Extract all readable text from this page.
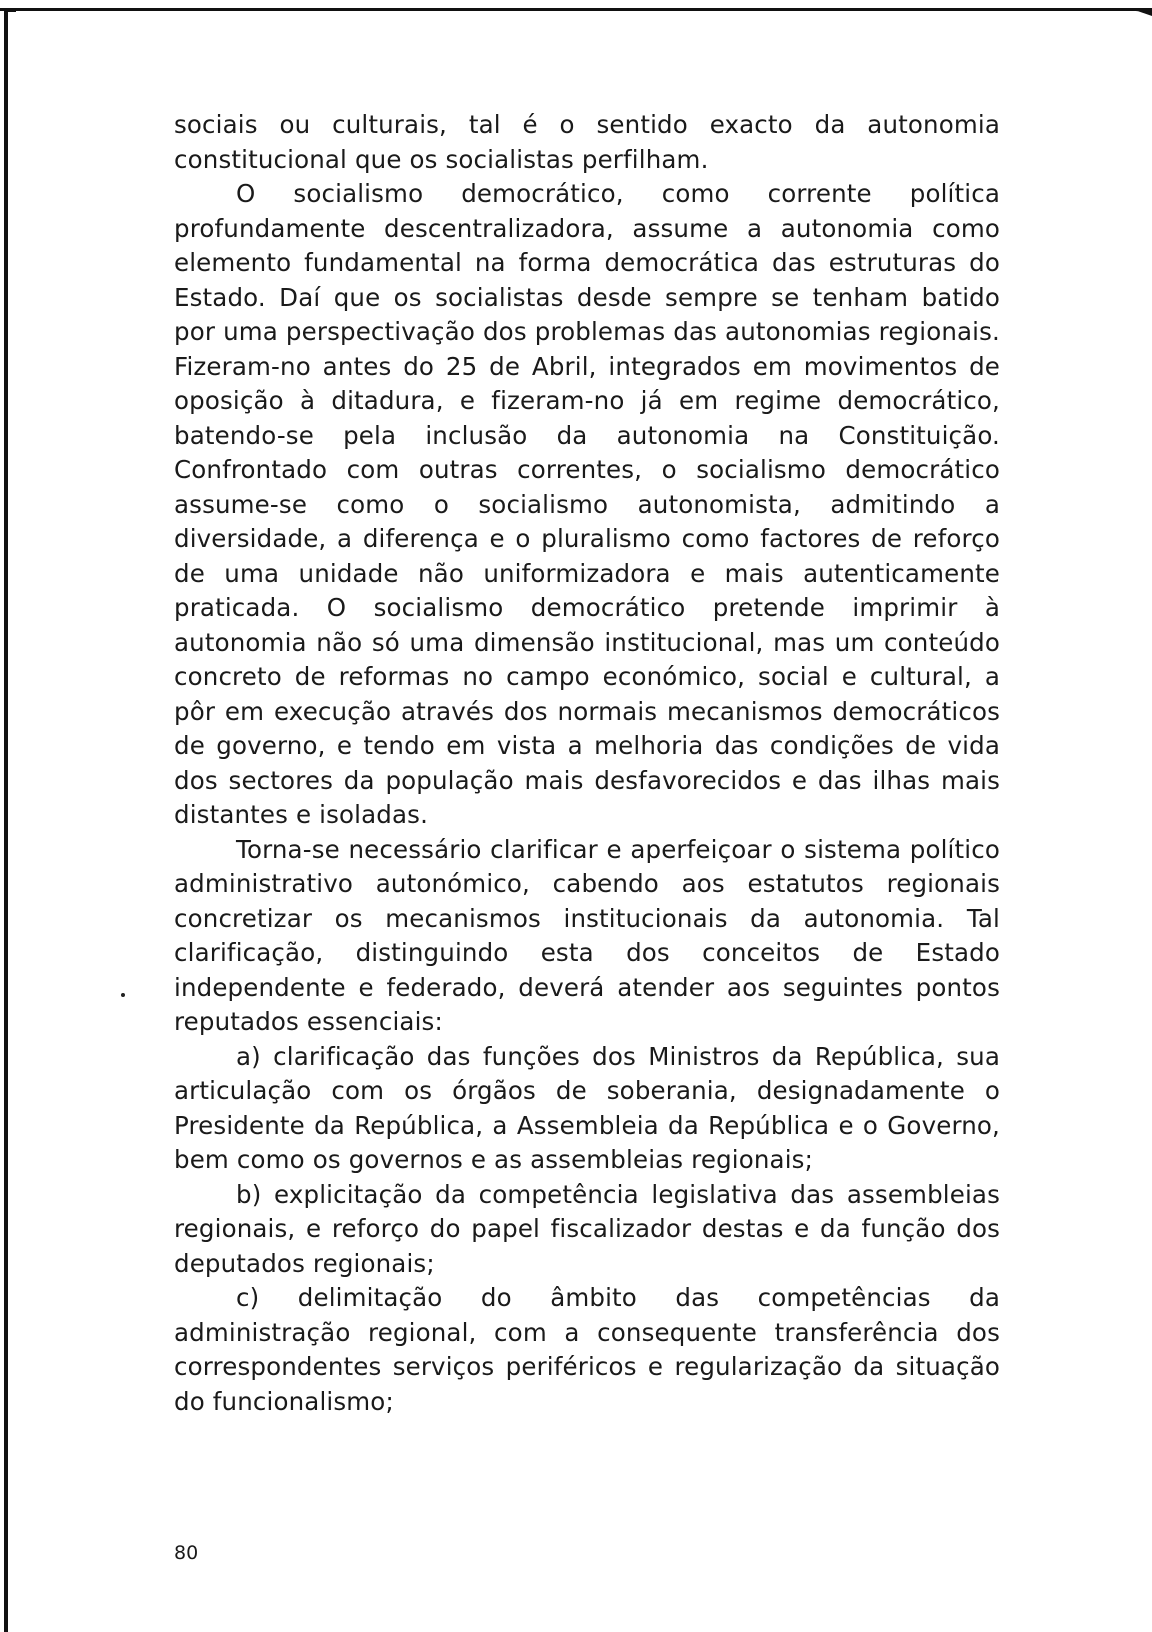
sociais ou culturais, tal é o sentido exacto da autonomia constitucional que os socialistas perfilham.

O socialismo democrático, como corrente política profundamente descentralizadora, assume a autonomia como elemento fundamental na forma democrática das estruturas do Estado. Daí que os socialistas desde sempre se tenham batido por uma perspectivação dos problemas das autonomias regionais. Fizeram-no antes do 25 de Abril, integrados em movimentos de oposição à ditadura, e fizeram-no já em regime democrático, batendo-se pela inclusão da autonomia na Constituição. Confrontado com outras correntes, o socialismo democrático assume-se como o socialismo autonomista, admitindo a diversidade, a diferença e o pluralismo como factores de reforço de uma unidade não uniformizadora e mais autenticamente praticada. O socialismo democrático pretende imprimir à autonomia não só uma dimensão institucional, mas um conteúdo concreto de reformas no campo económico, social e cultural, a pôr em execução através dos normais mecanismos democráticos de governo, e tendo em vista a melhoria das condições de vida dos sectores da população mais desfavorecidos e das ilhas mais distantes e isoladas.

Torna-se necessário clarificar e aperfeiçoar o sistema político administrativo autonómico, cabendo aos estatutos regionais concretizar os mecanismos institucionais da autonomia. Tal clarificação, distinguindo esta dos conceitos de Estado independente e federado, deverá atender aos seguintes pontos reputados essenciais:

a) clarificação das funções dos Ministros da República, sua articulação com os órgãos de soberania, designadamente o Presidente da República, a Assembleia da República e o Governo, bem como os governos e as assembleias regionais;

b) explicitação da competência legislativa das assembleias regionais, e reforço do papel fiscalizador destas e da função dos deputados regionais;

c) delimitação do âmbito das competências da administração regional, com a consequente transferência dos correspondentes serviços periféricos e regularização da situação do funcionalismo;

80
